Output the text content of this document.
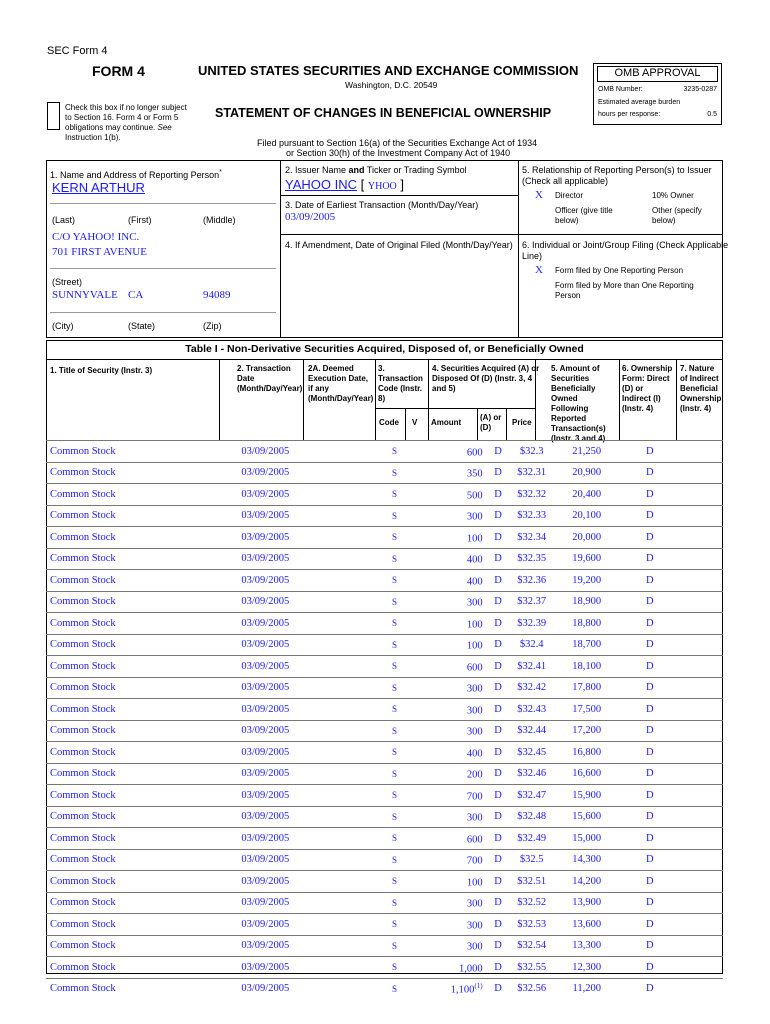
SEC Form 4
FORM 4	UNITED STATES SECURITIES AND EXCHANGE COMMISSION
Washington, D.C. 20549
Check this box if no longer subject
to Section 16. Form 4 or Form 5
obligations may continue. See
Instruction 1(b).
STATEMENT OF CHANGES IN BENEFICIAL OWNERSHIP
Filed pursuant to Section 16(a) of the Securities Exchange Act of 1934
or Section 30(h) of the Investment Company Act of 1940
OMB APPROVAL
OMB Number:	3235-0287
Estimated average burden
hours per response:	0.5
1. Name and Address of Reporting Person*
KERN ARTHUR
(Last)	(First)	(Middle)
C/O YAHOO! INC.
701 FIRST AVENUE
(Street)
SUNNYVALE CA	94089
(City)	(State)	(Zip)
2. Issuer Name and Ticker or Trading Symbol
YAHOO INC [ YHOO ]
3. Date of Earliest Transaction (Month/Day/Year)
03/09/2005
4. If Amendment, Date of Original Filed (Month/Day/Year)
5. Relationship of Reporting Person(s) to Issuer
(Check all applicable)
X Director	10% Owner
Officer (give title
below)
Other (specify
below)
6. Individual or Joint/Group Filing (Check Applicable
Line)
X Form filed by One Reporting Person
Form filed by More than One Reporting
Person
Table I - Non-Derivative Securities Acquired, Disposed of, or Beneficially Owned
1. Title of Security (Instr. 3)	2. Transaction
Date
(Month/Day/Year)
2A. Deemed
Execution Date,
if any
(Month/Day/Year)
3.
Transaction
Code (Instr.
8)
4. Securities Acquired (A) or
Disposed Of (D) (Instr. 3, 4
and 5)
5. Amount of
Securities
Beneficially
Owned
Following
Reported
Transaction(s)
(Instr. 3 and 4)
6. Ownership
Form: Direct
(D) or
Indirect (I)
(Instr. 4)
7. Nature
of Indirect
Beneficial
Ownership
(Instr. 4)
Code V Amount
(A) or
(D)
Price
Common Stock	03/09/2005		S		600	D	$32.3	21,250	D	
Common Stock	03/09/2005		S		350	D	$32.31	20,900	D	
Common Stock	03/09/2005		S		500	D	$32.32	20,400	D	
Common Stock	03/09/2005		S		300	D	$32.33	20,100	D	
Common Stock	03/09/2005		S		100	D	$32.34	20,000	D	
Common Stock	03/09/2005		S		400	D	$32.35	19,600	D	
Common Stock	03/09/2005		S		400	D	$32.36	19,200	D	
Common Stock	03/09/2005		S		300	D	$32.37	18,900	D	
Common Stock	03/09/2005		S		100	D	$32.39	18,800	D	
Common Stock	03/09/2005		S		100	D	$32.4	18,700	D	
Common Stock	03/09/2005		S		600	D	$32.41	18,100	D	
Common Stock	03/09/2005		S		300	D	$32.42	17,800	D	
Common Stock	03/09/2005		S		300	D	$32.43	17,500	D	
Common Stock	03/09/2005		S		300	D	$32.44	17,200	D	
Common Stock	03/09/2005		S		400	D	$32.45	16,800	D	
Common Stock	03/09/2005		S		200	D	$32.46	16,600	D	
Common Stock	03/09/2005		S		700	D	$32.47	15,900	D	
Common Stock	03/09/2005		S		300	D	$32.48	15,600	D	
Common Stock	03/09/2005		S		600	D	$32.49	15,000	D	
Common Stock	03/09/2005		S		700	D	$32.5	14,300	D	
Common Stock	03/09/2005		S		100	D	$32.51	14,200	D	
Common Stock	03/09/2005		S		300	D	$32.52	13,900	D	
Common Stock	03/09/2005		S		300	D	$32.53	13,600	D	
Common Stock	03/09/2005		S		300	D	$32.54	13,300	D	
Common Stock	03/09/2005		S		1,000	D	$32.55	12,300	D	
Common Stock	03/09/2005		S		1,100$^{(1)}$	D	$32.56	11,200	D	
